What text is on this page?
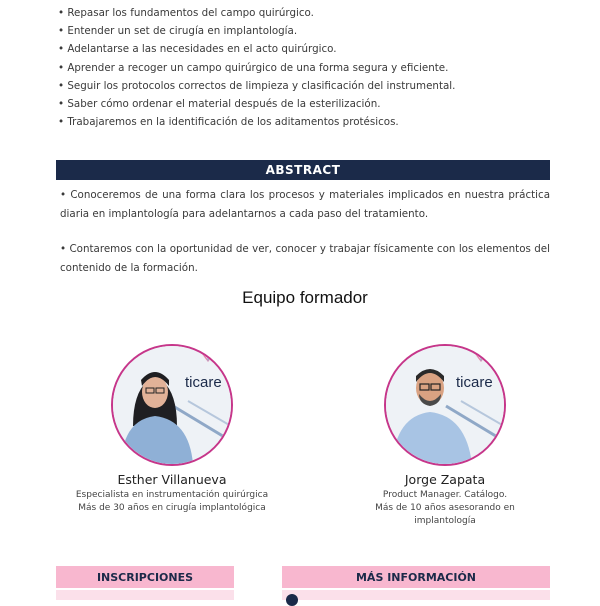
• Repasar los fundamentos del campo quirúrgico.
• Entender un set de cirugía en implantología.
• Adelantarse a las necesidades en el acto quirúrgico.
• Aprender a recoger un campo quirúrgico de una forma segura y eficiente.
• Seguir los protocolos correctos de limpieza y clasificación del instrumental.
• Saber cómo ordenar el material después de la esterilización.
• Trabajaremos en la identificación de los aditamentos protésicos.
ABSTRACT

• Conoceremos de una forma clara los procesos y materiales implicados en nuestra práctica diaria en implantología para adelantarnos a cada paso del tratamiento.

• Contaremos con la oportunidad de ver, conocer y trabajar físicamente con los elementos del contenido de la formación.

Equipo formador
ticare
Esther Villanueva
Especialista en instrumentación quirúrgica
Más de 30 años en cirugía implantológica
ticare
Jorge Zapata
Product Manager. Catálogo.
Más de 10 años asesorando en implantología
INSCRIPCIONES	MÁS INFORMACIÓN
